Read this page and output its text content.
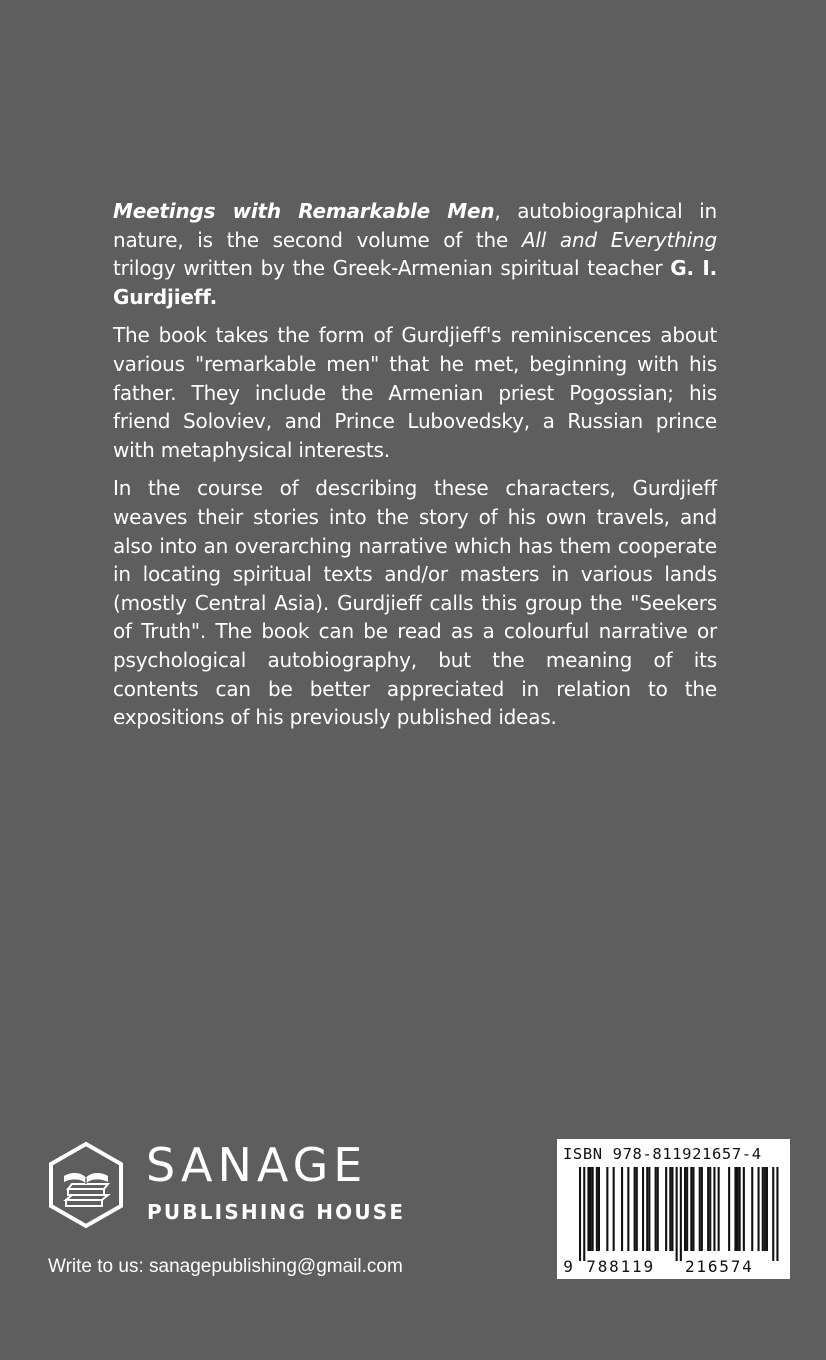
Meetings with Remarkable Men, autobiographical in nature, is the second volume of the All and Everything trilogy written by the Greek-Armenian spiritual teacher G. I. Gurdjieff.

The book takes the form of Gurdjieff's reminiscences about various "remarkable men" that he met, beginning with his father. They include the Armenian priest Pogossian; his friend Soloviev, and Prince Lubovedsky, a Russian prince with metaphysical interests.

In the course of describing these characters, Gurdjieff weaves their stories into the story of his own travels, and also into an overarching narrative which has them cooperate in locating spiritual texts and/or masters in various lands (mostly Central Asia). Gurdjieff calls this group the "Seekers of Truth". The book can be read as a colourful narrative or psychological autobiography, but the meaning of its contents can be better appreciated in relation to the expositions of his previously published ideas.

SANAGE
PUBLISHING HOUSE
Write to us: sanagepublishing@gmail.com
ISBN 978-811921657-4
9 788119 216574
